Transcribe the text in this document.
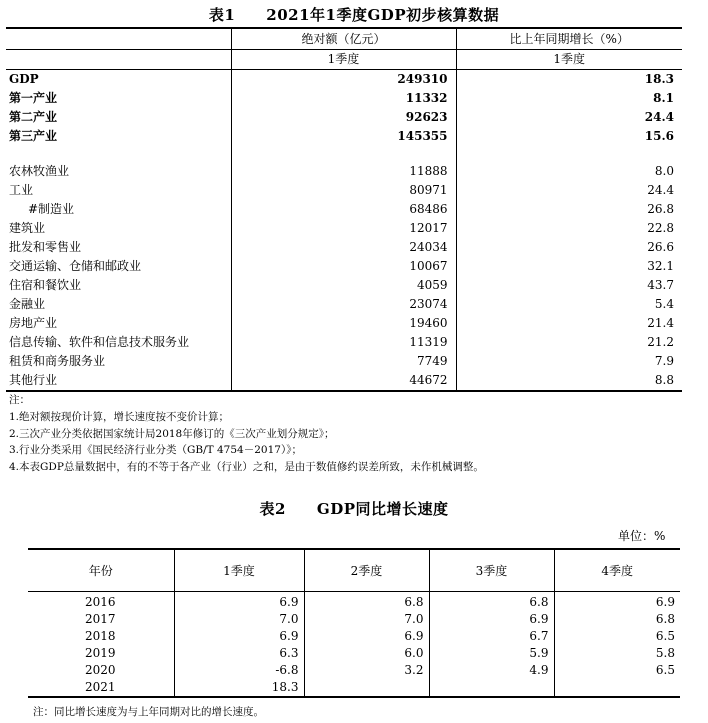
表1　　2021年1季度GDP初步核算数据
	绝对额（亿元）	比上年同期增长（%）
	1季度	1季度
GDP	249310	18.3
第一产业	11332	8.1
第二产业	92623	24.4
第三产业	145355	15.6

农林牧渔业	11888	8.0
工业	80971	24.4
#制造业	68486	26.8
建筑业	12017	22.8
批发和零售业	24034	26.6
交通运输、仓储和邮政业	10067	32.1
住宿和餐饮业	4059	43.7
金融业	23074	5.4
房地产业	19460	21.4
信息传输、软件和信息技术服务业	11319	21.2
租赁和商务服务业	7749	7.9
其他行业	44672	8.8
注：
1.绝对额按现价计算，增长速度按不变价计算；
2.三次产业分类依据国家统计局2018年修订的《三次产业划分规定》；
3.行业分类采用《国民经济行业分类（GB/T 4754－2017）》；
4.本表GDP总量数据中，有的不等于各产业（行业）之和，是由于数值修约误差所致，未作机械调整。
表2　　GDP同比增长速度
单位：%
年份	1季度	2季度	3季度	4季度
2016	6.9	6.8	6.8	6.9
2017	7.0	7.0	6.9	6.8
2018	6.9	6.9	6.7	6.5
2019	6.3	6.0	5.9	5.8
2020	-6.8	3.2	4.9	6.5
2021	18.3			
注：同比增长速度为与上年同期对比的增长速度。
